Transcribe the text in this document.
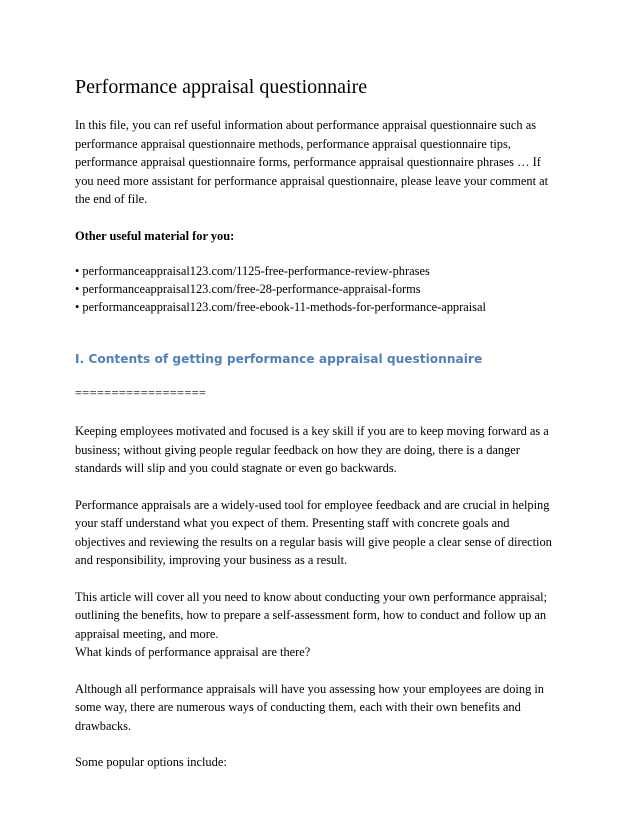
Performance appraisal questionnaire
In this file, you can ref useful information about performance appraisal questionnaire such as
performance appraisal questionnaire methods, performance appraisal questionnaire tips,
performance appraisal questionnaire forms, performance appraisal questionnaire phrases … If
you need more assistant for performance appraisal questionnaire, please leave your comment at
the end of file.
Other useful material for you:
• performanceappraisal123.com/1125-free-performance-review-phrases
• performanceappraisal123.com/free-28-performance-appraisal-forms
• performanceappraisal123.com/free-ebook-11-methods-for-performance-appraisal
I. Contents of getting performance appraisal questionnaire
==================
Keeping employees motivated and focused is a key skill if you are to keep moving forward as a
business; without giving people regular feedback on how they are doing, there is a danger
standards will slip and you could stagnate or even go backwards.
Performance appraisals are a widely-used tool for employee feedback and are crucial in helping
your staff understand what you expect of them. Presenting staff with concrete goals and
objectives and reviewing the results on a regular basis will give people a clear sense of direction
and responsibility, improving your business as a result.
This article will cover all you need to know about conducting your own performance appraisal;
outlining the benefits, how to prepare a self-assessment form, how to conduct and follow up an
appraisal meeting, and more.
What kinds of performance appraisal are there?
Although all performance appraisals will have you assessing how your employees are doing in
some way, there are numerous ways of conducting them, each with their own benefits and
drawbacks.
Some popular options include:
